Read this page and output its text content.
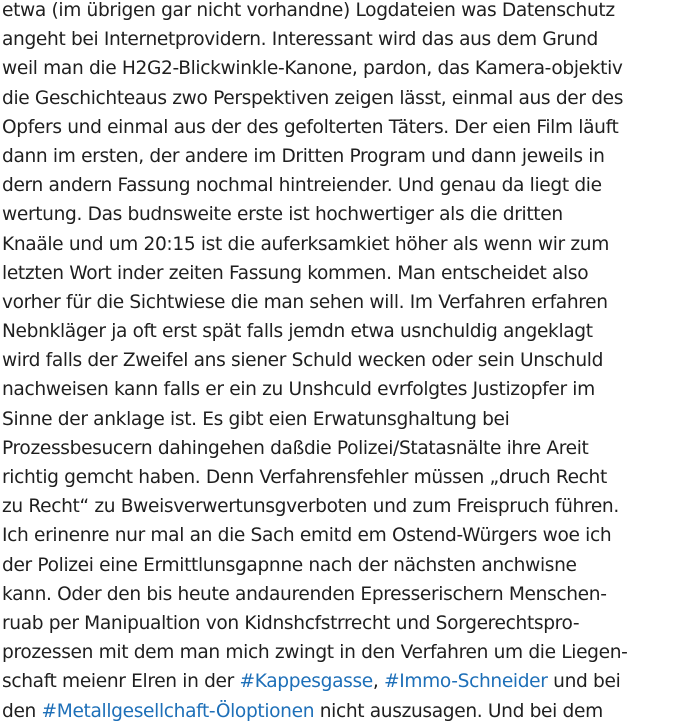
etwa (im übrigen gar nicht vorhandne) Logdateien was Datenschutz
angeht bei Internetprovidern. Interessant wird das aus dem Grund
weil man die H2G2-Blickwinkle-Kanone, pardon, das Kamera-objektiv
die Geschichteaus zwo Perspektiven zeigen lässt, einmal aus der des
Opfers und einmal aus der des gefolterten Täters. Der eien Film läuft
dann im ersten, der andere im Dritten Program und dann jeweils in
dern andern Fassung nochmal hintreiender. Und genau da liegt die
wertung. Das budnsweite erste ist hochwertiger als die dritten
Knaäle und um 20:15 ist die auferksamkiet höher als wenn wir zum
letzten Wort inder zeiten Fassung kommen. Man entscheidet also
vorher für die Sichtwiese die man sehen will. Im Verfahren erfahren
Nebnkläger ja oft erst spät falls jemdn etwa usnchuldig angeklagt
wird falls der Zweifel ans siener Schuld wecken oder sein Unschuld
nachweisen kann falls er ein zu Unshculd evrfolgtes Justizopfer im
Sinne der anklage ist. Es gibt eien Erwatunsghaltung bei
Prozessbesucern dahingehen daßdie Polizei/Statasnälte ihre Areit
richtig gemcht haben. Denn Verfahrensfehler müssen „druch Recht
zu Recht“ zu Bweisverwertunsgverboten und zum Freispruch führen.
Ich erinenre nur mal an die Sach emitd em Ostend-Würgers woe ich
der Polizei eine Ermittlunsgapnne nach der nächsten anchwisne
kann. Oder den bis heute andaurenden Epresserischern Menschen-
ruab per Manipualtion von Kidnshcfstrrecht und Sorgerechtspro-
prozessen mit dem man mich zwingt in den Verfahren um die Liegen-
schaft meienr Elren in der #Kappesgasse, #Immo-Schneider und bei
den #Metallgesellchaft-Öloptionen nicht auszusagen. Und bei dem
